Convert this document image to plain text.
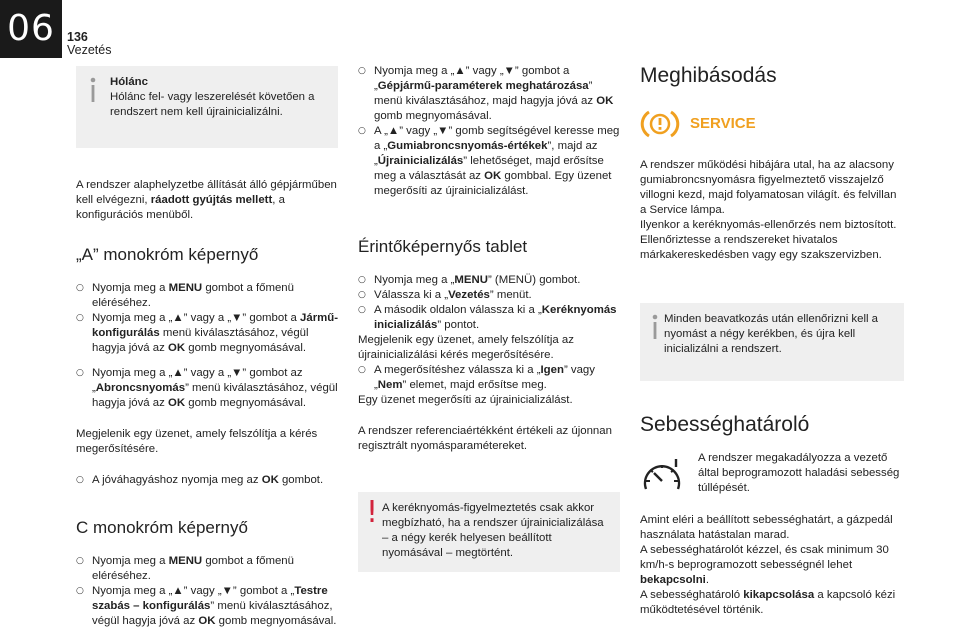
06 136
Vezetés

Hólánc

Hólánc fel- vagy leszerelését követően a rendszert nem kell újrainicializálni.

A rendszer alaphelyzetbe állítását álló gépjárműben kell elvégezni, ráadott gyújtás mellett, a konfigurációs menüből.

„A” monokróm képernyő
○ Nyomja meg a MENU gombot a főmenü eléréséhez.
○ Nyomja meg a „▲” vagy a „▼” gombot a Jármű-konfigurálás menü kiválasztásához, végül hagyja jóvá az OK gomb megnyomásával.
○ Nyomja meg a „▲” vagy a „▼” gombot az „Abroncsnyomás” menü kiválasztásához, végül hagyja jóvá az OK gomb megnyomásával.

Megjelenik egy üzenet, amely felszólítja a kérés megerősítésére.

○ A jóváhagyáshoz nyomja meg az OK gombot.
C monokróm képernyő
○ Nyomja meg a MENU gombot a főmenü eléréséhez.
○ Nyomja meg a „▲” vagy „▼” gombot a „Testre szabás – konfigurálás” menü kiválasztásához, végül hagyja jóvá az OK gomb megnyomásával.
○ Nyomja meg a „▲” vagy „▼” gombot a „Gépjármű-paraméterek meghatározása” menü kiválasztásához, majd hagyja jóvá az OK gomb megnyomásával.
○ A „▲” vagy „▼” gomb segítségével keresse meg a „Gumiabroncsnyomás-értékek”, majd az „Újrainicializálás” lehetőséget, majd erősítse meg a választását az OK gombbal. Egy üzenet megerősíti az újrainicializálást.
Érintőképernyős tablet
○ Nyomja meg a „MENU” (MENÜ) gombot.
○ Válassza ki a „Vezetés” menüt.
○ A második oldalon válassza ki a „Keréknyomás inicializálás” pontot.

Megjelenik egy üzenet, amely felszólítja az újrainicializálási kérés megerősítésére.

○ A megerősítéshez válassza ki a „Igen” vagy „Nem” elemet, majd erősítse meg.

Egy üzenet megerősíti az újrainicializálást.

A rendszer referenciaértékként értékeli az újonnan regisztrált nyomásparamétereket.

! A keréknyomás-figyelmeztetés csak akkor megbízható, ha a rendszer újrainicializálása – a négy kerék helyesen beállított nyomásával – megtörtént.

Meghibásodás
SERVICE

A rendszer működési hibájára utal, ha az alacsony gumiabroncsnyomásra figyelmeztető visszajelző villogni kezd, majd folyamatosan világít. és felvillan a Service lámpa.

Ilyenkor a keréknyomás-ellenőrzés nem biztosított.

Ellenőriztesse a rendszereket hivatalos márkakereskedésben vagy egy szakszervizben.

Minden beavatkozás után ellenőrizni kell a nyomást a négy kerékben, és újra kell inicializálni a rendszert.

Sebességhatároló

A rendszer megakadályozza a vezető által beprogramozott haladási sebesség túllépését.

Amint eléri a beállított sebességhatárt, a gázpedál használata hatástalan marad.

A sebességhatárolót kézzel, és csak minimum 30 km/h-s beprogramozott sebességnél lehet bekapcsolni.

A sebességhatároló kikapcsolása a kapcsoló kézi működtetésével történik.
